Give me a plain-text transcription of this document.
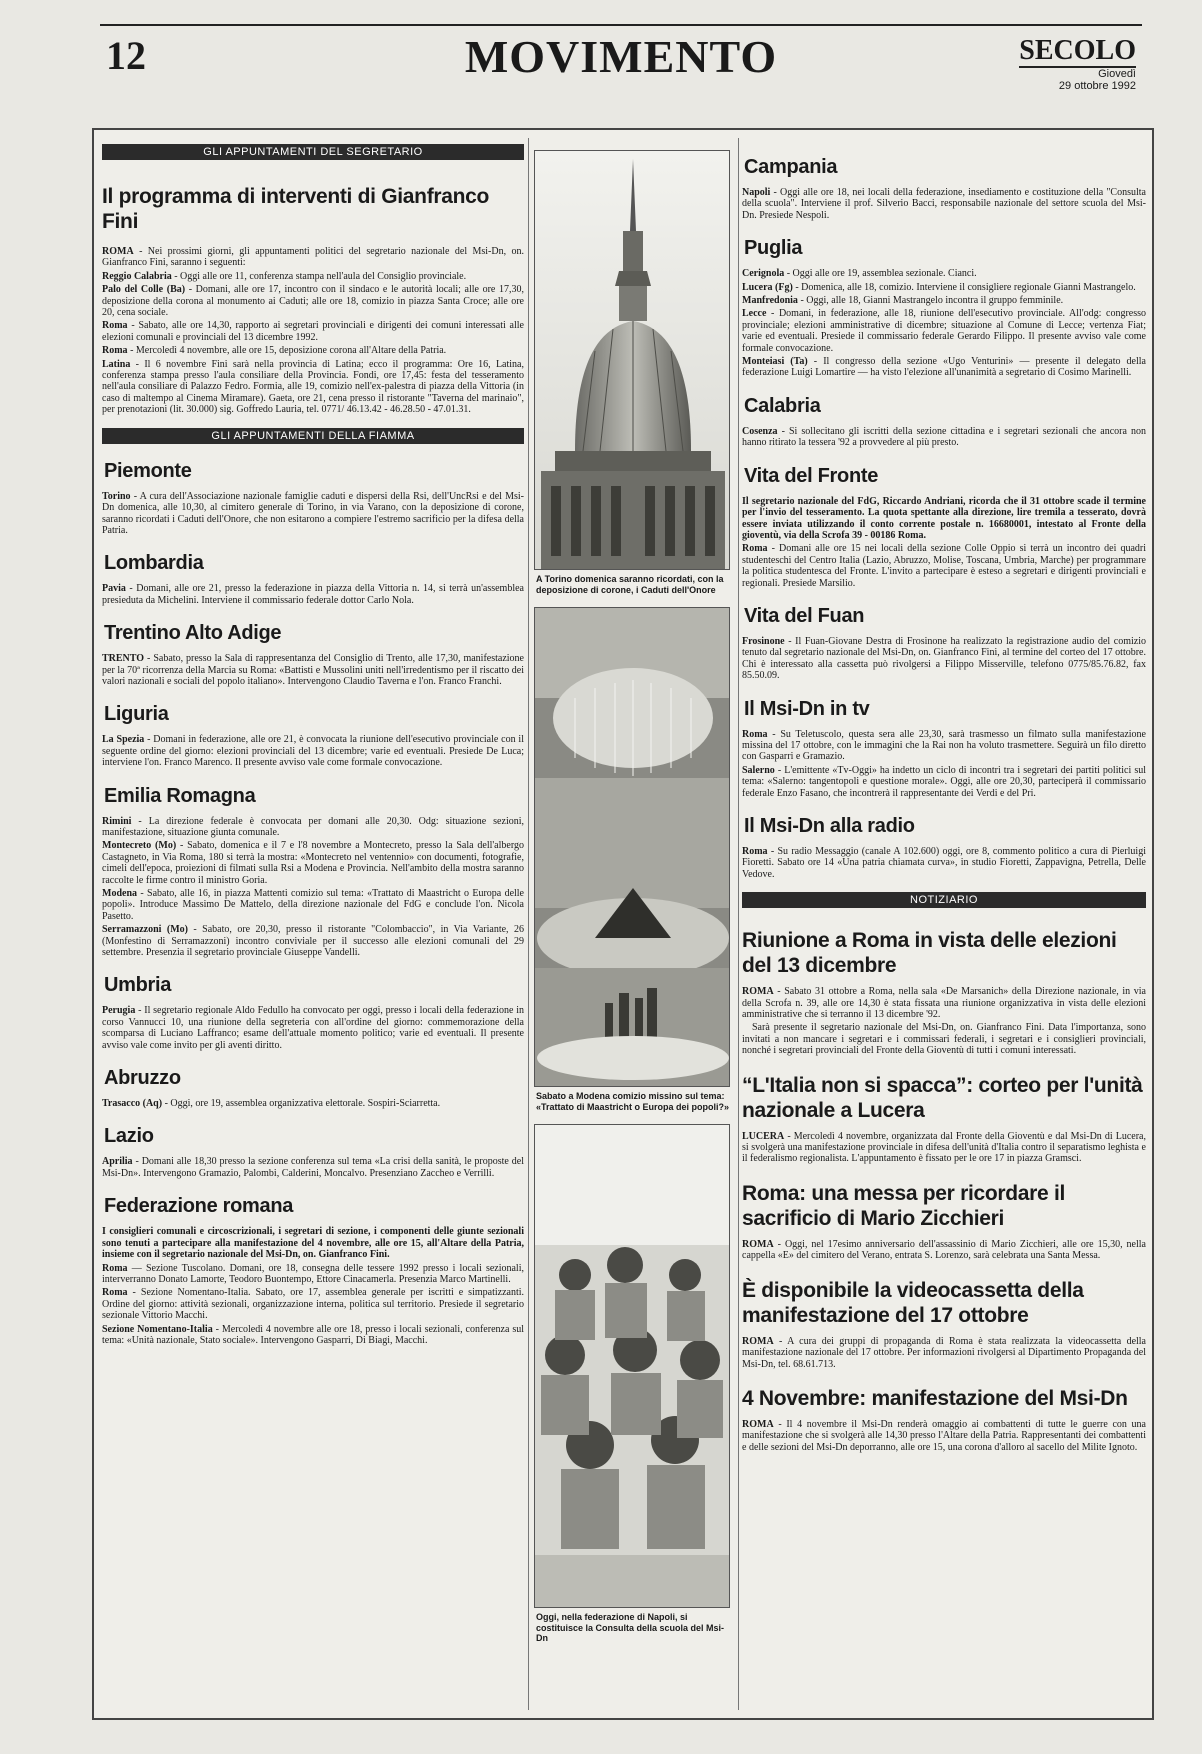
12	MOVIMENTO	SECOLO
Giovedì
29 ottobre 1992
GLI APPUNTAMENTI DEL SEGRETARIO
Il programma di interventi di Gianfranco Fini

ROMA - Nei prossimi giorni, gli appuntamenti politici del segretario nazionale del Msi-Dn, on. Gianfranco Fini, saranno i seguenti:

Reggio Calabria - Oggi alle ore 11, conferenza stampa nell'aula del Consiglio provinciale.

Palo del Colle (Ba) - Domani, alle ore 17, incontro con il sindaco e le autorità locali; alle ore 17,30, deposizione della corona al monumento ai Caduti; alle ore 18, comizio in piazza Santa Croce; alle ore 20, cena sociale.

Roma - Sabato, alle ore 14,30, rapporto ai segretari provinciali e dirigenti dei comuni interessati alle elezioni comunali e provinciali del 13 dicembre 1992.

Roma - Mercoledì 4 novembre, alle ore 15, deposizione corona all'Altare della Patria.

Latina - Il 6 novembre Fini sarà nella provincia di Latina; ecco il programma: Ore 16, Latina, conferenza stampa presso l'aula consiliare della Provincia. Fondi, ore 17,45: festa del tesseramento nell'aula consiliare di Palazzo Fedro. Formia, alle 19, comizio nell'ex-palestra di piazza della Vittoria (in caso di maltempo al Cinema Miramare). Gaeta, ore 21, cena presso il ristorante "Taverna del marinaio", per prenotazioni (lit. 30.000) sig. Goffredo Lauria, tel. 0771/ 46.13.42 - 46.28.50 - 47.01.31.

GLI APPUNTAMENTI DELLA FIAMMA
Piemonte

Torino - A cura dell'Associazione nazionale famiglie caduti e dispersi della Rsi, dell'UncRsi e del Msi-Dn domenica, alle 10,30, al cimitero generale di Torino, in via Varano, con la deposizione di corone, saranno ricordati i Caduti dell'Onore, che non esitarono a compiere l'estremo sacrificio per la difesa della Patria.

Lombardia

Pavia - Domani, alle ore 21, presso la federazione in piazza della Vittoria n. 14, si terrà un'assemblea presieduta da Michelini. Interviene il commissario federale dottor Carlo Nola.

Trentino Alto Adige

TRENTO - Sabato, presso la Sala di rappresentanza del Consiglio di Trento, alle 17,30, manifestazione per la 70ª ricorrenza della Marcia su Roma: «Battisti e Mussolini uniti nell'irredentismo per il riscatto dei valori nazionali e sociali del popolo italiano». Intervengono Claudio Taverna e l'on. Franco Franchi.

Liguria

La Spezia - Domani in federazione, alle ore 21, è convocata la riunione dell'esecutivo provinciale con il seguente ordine del giorno: elezioni provinciali del 13 dicembre; varie ed eventuali. Presiede De Luca; interviene l'on. Franco Marenco. Il presente avviso vale come formale convocazione.

Emilia Romagna

Rimini - La direzione federale è convocata per domani alle 20,30. Odg: situazione sezioni, manifestazione, situazione giunta comunale.

Montecreto (Mo) - Sabato, domenica e il 7 e l'8 novembre a Montecreto, presso la Sala dell'albergo Castagneto, in Via Roma, 180 si terrà la mostra: «Montecreto nel ventennio» con documenti, fotografie, cimeli dell'epoca, proiezioni di filmati sulla Rsi a Modena e Provincia. Nell'ambito della mostra saranno raccolte le firme contro il ministro Goria.

Modena - Sabato, alle 16, in piazza Mattenti comizio sul tema: «Trattato di Maastricht o Europa delle popoli». Introduce Massimo De Mattelo, della direzione nazionale del FdG e conclude l'on. Nicola Pasetto.

Serramazzoni (Mo) - Sabato, ore 20,30, presso il ristorante "Colombaccio", in Via Variante, 26 (Monfestino di Serramazzoni) incontro conviviale per il successo alle elezioni comunali del 29 settembre. Presenzia il segretario provinciale Giuseppe Vandelli.

Umbria

Perugia - Il segretario regionale Aldo Fedullo ha convocato per oggi, presso i locali della federazione in corso Vannucci 10, una riunione della segreteria con all'ordine del giorno: commemorazione della scomparsa di Luciano Laffranco; esame dell'attuale momento politico; varie ed eventuali. Il presente avviso vale come invito per gli aventi diritto.

Abruzzo

Trasacco (Aq) - Oggi, ore 19, assemblea organizzativa elettorale. Sospiri-Sciarretta.

Lazio

Aprilia - Domani alle 18,30 presso la sezione conferenza sul tema «La crisi della sanità, le proposte del Msi-Dn». Intervengono Gramazio, Palombi, Calderini, Moncalvo. Presenziano Zaccheo e Verrilli.

Federazione romana

I consiglieri comunali e circoscrizionali, i segretari di sezione, i componenti delle giunte sezionali sono tenuti a partecipare alla manifestazione del 4 novembre, alle ore 15, all'Altare della Patria, insieme con il segretario nazionale del Msi-Dn, on. Gianfranco Fini.

Roma — Sezione Tuscolano. Domani, ore 18, consegna delle tessere 1992 presso i locali sezionali, interverranno Donato Lamorte, Teodoro Buontempo, Ettore Cinacamerla. Presenzia Marco Martinelli.

Roma - Sezione Nomentano-Italia. Sabato, ore 17, assemblea generale per iscritti e simpatizzanti. Ordine del giorno: attività sezionali, organizzazione interna, politica sul territorio. Presiede il segretario sezionale Vittorio Macchi.

Sezione Nomentano-Italia - Mercoledì 4 novembre alle ore 18, presso i locali sezionali, conferenza sul tema: «Unità nazionale, Stato sociale». Intervengono Gasparri, Di Biagi, Macchi.

A Torino domenica saranno ricordati, con la deposizione di corone, i Caduti dell'Onore
Sabato a Modena comizio missino sul tema: «Trattato di Maastricht o Europa dei popoli?»
Oggi, nella federazione di Napoli, si costituisce la Consulta della scuola del Msi-Dn
Campania

Napoli - Oggi alle ore 18, nei locali della federazione, insediamento e costituzione della "Consulta della scuola". Interviene il prof. Silverio Bacci, responsabile nazionale del settore scuola del Msi-Dn. Presiede Nespoli.

Puglia

Cerignola - Oggi alle ore 19, assemblea sezionale. Cianci.

Lucera (Fg) - Domenica, alle 18, comizio. Interviene il consigliere regionale Gianni Mastrangelo.

Manfredonia - Oggi, alle 18, Gianni Mastrangelo incontra il gruppo femminile.

Lecce - Domani, in federazione, alle 18, riunione dell'esecutivo provinciale. All'odg: congresso provinciale; elezioni amministrative di dicembre; situazione al Comune di Lecce; vertenza Fiat; varie ed eventuali. Presiede il commissario federale Gerardo Filippo. Il presente avviso vale come formale convocazione.

Monteiasi (Ta) - Il congresso della sezione «Ugo Venturini» — presente il delegato della federazione Luigi Lomartire — ha visto l'elezione all'unanimità a segretario di Cosimo Marinelli.

Calabria

Cosenza - Si sollecitano gli iscritti della sezione cittadina e i segretari sezionali che ancora non hanno ritirato la tessera '92 a provvedere al più presto.

Vita del Fronte

Il segretario nazionale del FdG, Riccardo Andriani, ricorda che il 31 ottobre scade il termine per l'invio del tesseramento. La quota spettante alla direzione, lire tremila a tesserato, dovrà essere inviata utilizzando il conto corrente postale n. 16680001, intestato al Fronte della gioventù, via della Scrofa 39 - 00186 Roma.

Roma - Domani alle ore 15 nei locali della sezione Colle Oppio si terrà un incontro dei quadri studenteschi del Centro Italia (Lazio, Abruzzo, Molise, Toscana, Umbria, Marche) per programmare la politica studentesca del Fronte. L'invito a partecipare è esteso a segretari e dirigenti provinciali e regionali. Presiede Marsilio.

Vita del Fuan

Frosinone - Il Fuan-Giovane Destra di Frosinone ha realizzato la registrazione audio del comizio tenuto dal segretario nazionale del Msi-Dn, on. Gianfranco Fini, al termine del corteo del 17 ottobre. Chi è interessato alla cassetta può rivolgersi a Filippo Misserville, telefono 0775/85.76.82, fax 85.50.09.

Il Msi-Dn in tv

Roma - Su Teletuscolo, questa sera alle 23,30, sarà trasmesso un filmato sulla manifestazione missina del 17 ottobre, con le immagini che la Rai non ha voluto trasmettere. Seguirà un filo diretto con Gasparri e Gramazio.

Salerno - L'emittente «Tv-Oggi» ha indetto un ciclo di incontri tra i segretari dei partiti politici sul tema: «Salerno: tangentopoli e questione morale». Oggi, alle ore 20,30, parteciperà il commissario federale Enzo Fasano, che incontrerà il rappresentante dei Verdi e del Pri.

Il Msi-Dn alla radio

Roma - Su radio Messaggio (canale A 102.600) oggi, ore 8, commento politico a cura di Pierluigi Fioretti. Sabato ore 14 «Una patria chiamata curva», in studio Fioretti, Zappavigna, Petrella, Delle Vedove.

NOTIZIARIO
Riunione a Roma in vista delle elezioni del 13 dicembre

ROMA - Sabato 31 ottobre a Roma, nella sala «De Marsanich» della Direzione nazionale, in via della Scrofa n. 39, alle ore 14,30 è stata fissata una riunione organizzativa in vista delle elezioni amministrative che si terranno il 13 dicembre '92.

Sarà presente il segretario nazionale del Msi-Dn, on. Gianfranco Fini. Data l'importanza, sono invitati a non mancare i segretari e i commissari federali, i segretari e i consiglieri provinciali, nonché i segretari provinciali del Fronte della Gioventù di tutti i comuni interessati.

“L'Italia non si spacca”: corteo per l'unità nazionale a Lucera

LUCERA - Mercoledì 4 novembre, organizzata dal Fronte della Gioventù e dal Msi-Dn di Lucera, si svolgerà una manifestazione provinciale in difesa dell'unità d'Italia contro il separatismo leghista e il federalismo regionalista. L'appuntamento è fissato per le ore 17 in piazza Gramsci.

Roma: una messa per ricordare il sacrificio di Mario Zicchieri

ROMA - Oggi, nel 17esimo anniversario dell'assassinio di Mario Zicchieri, alle ore 15,30, nella cappella «E» del cimitero del Verano, entrata S. Lorenzo, sarà celebrata una Santa Messa.

È disponibile la videocassetta della manifestazione del 17 ottobre

ROMA - A cura dei gruppi di propaganda di Roma è stata realizzata la videocassetta della manifestazione nazionale del 17 ottobre. Per informazioni rivolgersi al Dipartimento Propaganda del Msi-Dn, tel. 68.61.713.

4 Novembre: manifestazione del Msi-Dn

ROMA - Il 4 novembre il Msi-Dn renderà omaggio ai combattenti di tutte le guerre con una manifestazione che si svolgerà alle 14,30 presso l'Altare della Patria. Rappresentanti dei combattenti e delle sezioni del Msi-Dn deporranno, alle ore 15, una corona d'alloro al sacello del Milite Ignoto.
